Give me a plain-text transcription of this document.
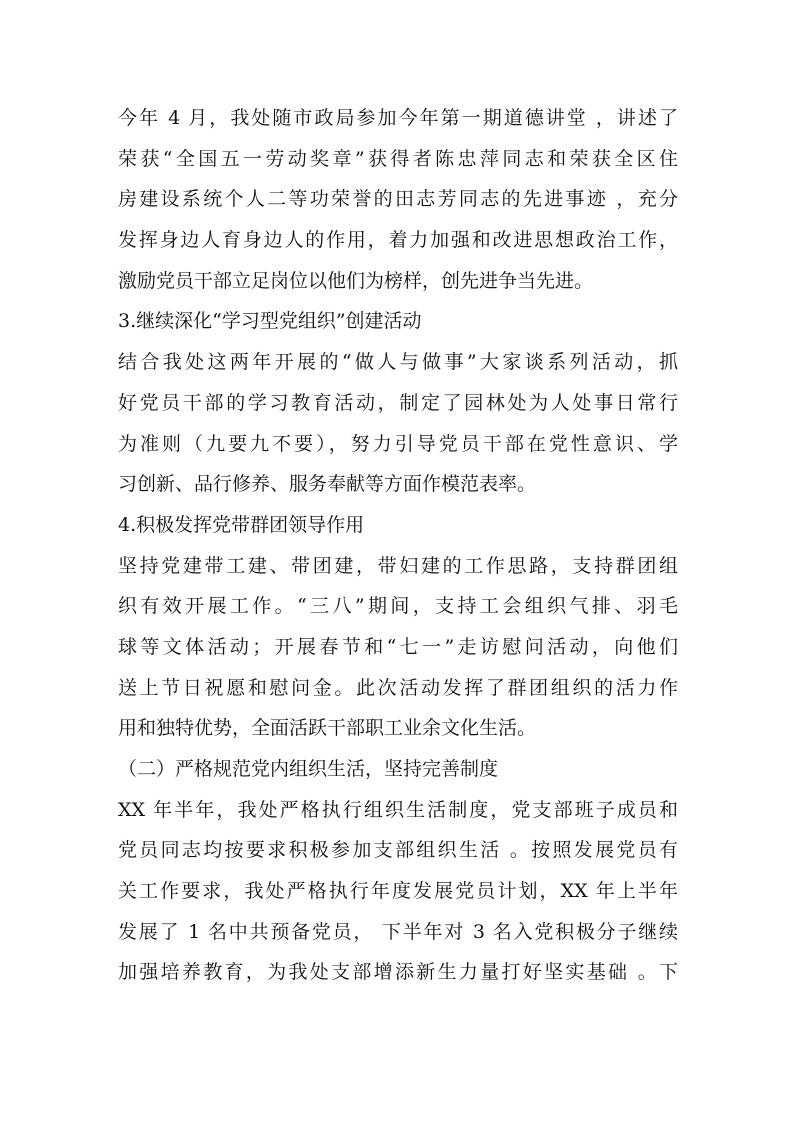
今年 4 月，我处随市政局参加今年第一期道德讲堂 ，讲述了
荣获“全国五一劳动奖章”获得者陈忠萍同志和荣获全区住
房建设系统个人二等功荣誉的田志芳同志的先进事迹 ，充分
发挥身边人育身边人的作用，着力加强和改进思想政治工作，
激励党员干部立足岗位以他们为榜样，创先进争当先进。
3.继续深化“学习型党组织”创建活动
结合我处这两年开展的“做人与做事”大家谈系列活动，抓
好党员干部的学习教育活动，制定了园林处为人处事日常行
为准则（九要九不要），努力引导党员干部在党性意识、学
习创新、品行修养、服务奉献等方面作模范表率。
4.积极发挥党带群团领导作用
坚持党建带工建、带团建，带妇建的工作思路，支持群团组
织有效开展工作。“三八”期间，支持工会组织气排、羽毛
球等文体活动；开展春节和“七一”走访慰问活动，向他们
送上节日祝愿和慰问金。此次活动发挥了群团组织的活力作
用和独特优势，全面活跃干部职工业余文化生活。
（二）严格规范党内组织生活，坚持完善制度
XX 年半年，我处严格执行组织生活制度，党支部班子成员和
党员同志均按要求积极参加支部组织生活 。按照发展党员有
关工作要求，我处严格执行年度发展党员计划，XX 年上半年
发展了 1 名中共预备党员， 下半年对 3 名入党积极分子继续
加强培养教育，为我处支部增添新生力量打好坚实基础 。下
